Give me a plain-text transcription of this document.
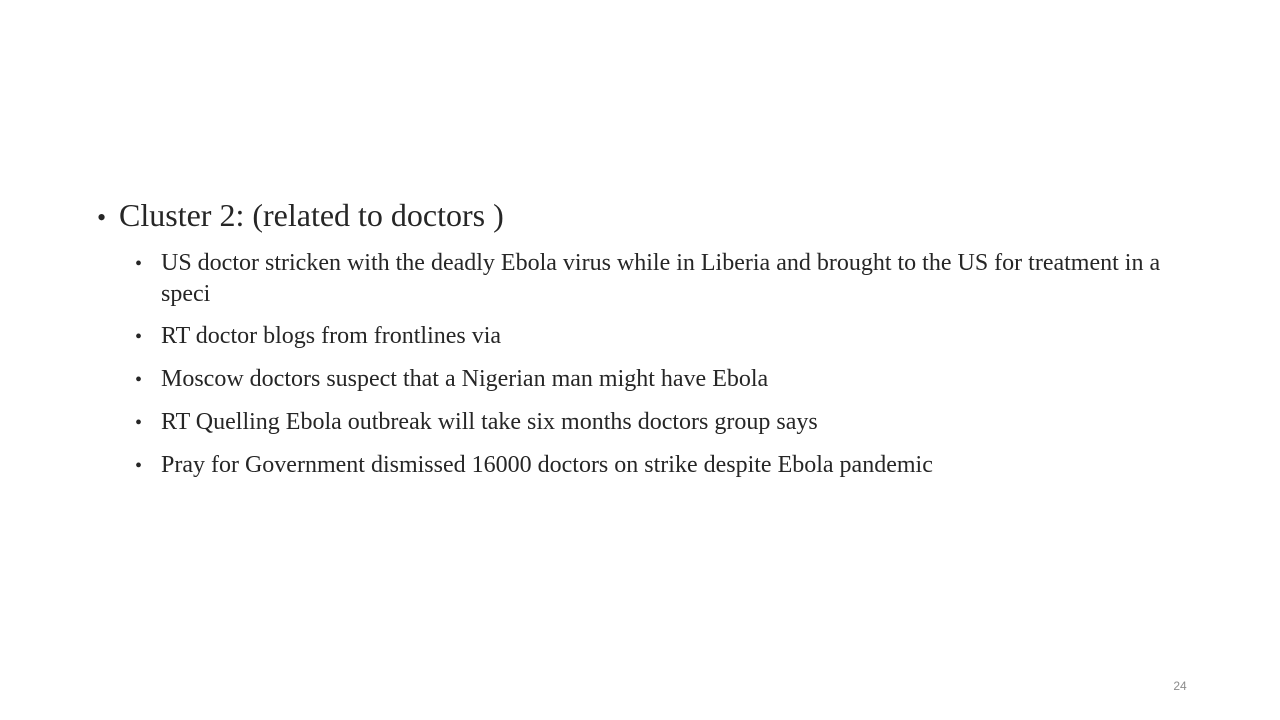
• Cluster 2: (related to doctors )
• US doctor stricken with the deadly Ebola virus while in Liberia and brought to the US for treatment in a speci
• RT doctor blogs from frontlines via
• Moscow doctors suspect that a Nigerian man might have Ebola
• RT Quelling Ebola outbreak will take six months doctors group says
• Pray for Government dismissed 16000 doctors on strike despite Ebola pandemic
24
